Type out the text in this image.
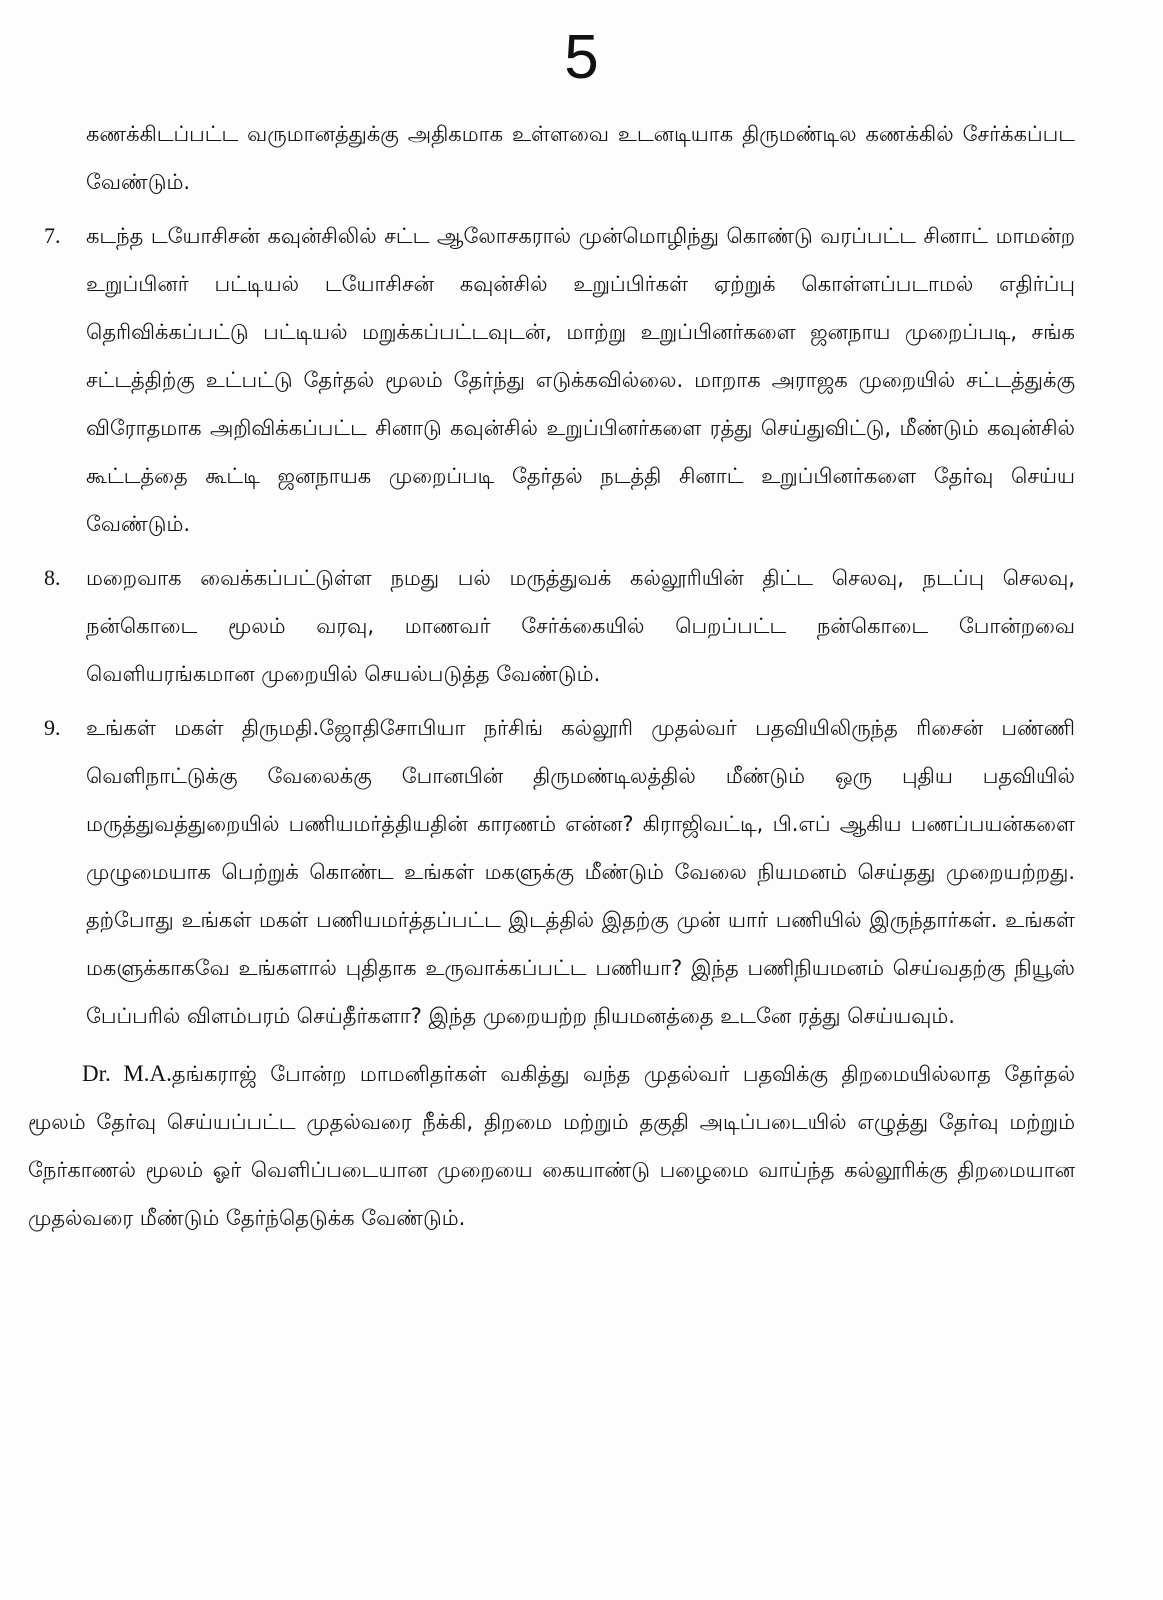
5
கணக்கிடப்பட்ட வருமானத்துக்கு அதிகமாக உள்ளவை உடனடியாக திருமண்டில கணக்கில் சேர்க்கப்பட வேண்டும்.
7. கடந்த டயோசிசன் கவுன்சிலில் சட்ட ஆலோசகரால் முன்மொழிந்து கொண்டு வரப்பட்ட சினாட் மாமன்ற உறுப்பினர் பட்டியல் டயோசிசன் கவுன்சில் உறுப்பிர்கள் ஏற்றுக் கொள்ளப்படாமல் எதிர்ப்பு தெரிவிக்கப்பட்டு பட்டியல் மறுக்கப்பட்டவுடன், மாற்று உறுப்பினர்களை ஜனநாய முறைப்படி, சங்க சட்டத்திற்கு உட்பட்டு தேர்தல் மூலம் தேர்ந்து எடுக்கவில்லை. மாறாக அராஜக முறையில் சட்டத்துக்கு விரோதமாக அறிவிக்கப்பட்ட சினாடு கவுன்சில் உறுப்பினர்களை ரத்து செய்துவிட்டு, மீண்டும் கவுன்சில் கூட்டத்தை கூட்டி ஜனநாயக முறைப்படி தேர்தல் நடத்தி சினாட் உறுப்பினர்களை தேர்வு செய்ய வேண்டும்.
8. மறைவாக வைக்கப்பட்டுள்ள நமது பல் மருத்துவக் கல்லூரியின் திட்ட செலவு, நடப்பு செலவு, நன்கொடை மூலம் வரவு, மாணவர் சேர்க்கையில் பெறப்பட்ட நன்கொடை போன்றவை வெளியரங்கமான முறையில் செயல்படுத்த வேண்டும்.
9. உங்கள் மகள் திருமதி.ஜோதிசோபியா நர்சிங் கல்லூரி முதல்வர் பதவியிலிருந்த ரிசைன் பண்ணி வெளிநாட்டுக்கு வேலைக்கு போனபின் திருமண்டிலத்தில் மீண்டும் ஒரு புதிய பதவியில் மருத்துவத்துறையில் பணியமர்த்தியதின் காரணம் என்ன? கிராஜிவட்டி, பி.எப் ஆகிய பணப்பயன்களை முழுமையாக பெற்றுக் கொண்ட உங்கள் மகளுக்கு மீண்டும் வேலை நியமனம் செய்தது முறையற்றது. தற்போது உங்கள் மகள் பணியமர்த்தப்பட்ட இடத்தில் இதற்கு முன் யார் பணியில் இருந்தார்கள். உங்கள் மகளுக்காகவே உங்களால் புதிதாக உருவாக்கப்பட்ட பணியா? இந்த பணிநியமனம் செய்வதற்கு நியூஸ் பேப்பரில் விளம்பரம் செய்தீர்களா? இந்த முறையற்ற நியமனத்தை உடனே ரத்து செய்யவும்.
Dr. M.A.தங்கராஜ் போன்ற மாமனிதர்கள் வகித்து வந்த முதல்வர் பதவிக்கு திறமையில்லாத தேர்தல் மூலம் தேர்வு செய்யப்பட்ட முதல்வரை நீக்கி, திறமை மற்றும் தகுதி அடிப்படையில் எழுத்து தேர்வு மற்றும் நேர்காணல் மூலம் ஓர் வெளிப்படையான முறையை கையாண்டு பழைமை வாய்ந்த கல்லூரிக்கு திறமையான முதல்வரை மீண்டும் தேர்ந்தெடுக்க வேண்டும்.
